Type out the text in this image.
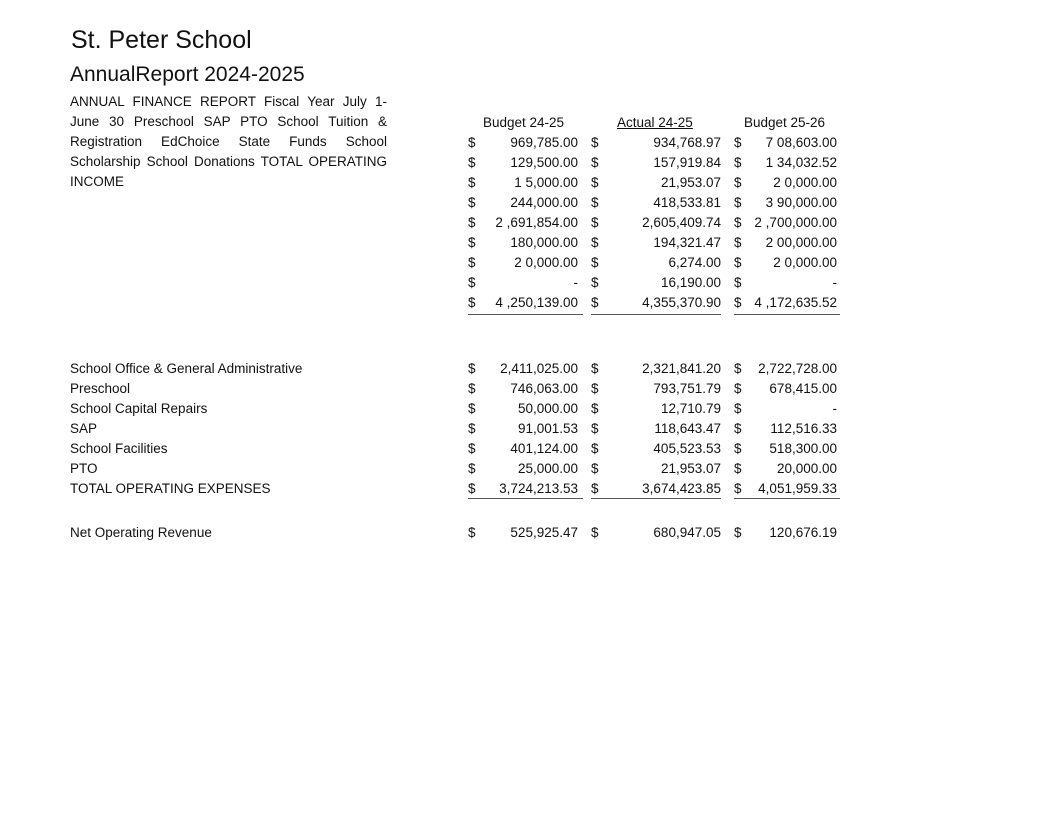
St. Peter School
AnnualReport 2024-2025
ANNUAL FINANCE REPORT Fiscal Year July 1-June 30 Preschool SAP PTO School Tuition & Registration EdChoice State Funds School Scholarship School Donations TOTAL OPERATING INCOME
Budget 24-25	Actual 24-25	Budget 25-26
$	969,785.00 $	934,768.97 $ 7 08,603.00
$	129,500.00 $	157,919.84 $ 1 34,032.52
$	1 5,000.00 $	21,953.07 $ 2 0,000.00
$	244,000.00 $	418,533.81 $ 3 90,000.00
$ 2 ,691,854.00 $	2,605,409.74 $ 2 ,700,000.00
$	180,000.00 $	194,321.47 $ 2 00,000.00
$	2 0,000.00 $	6,274.00 $ 2 0,000.00
$	- $	16,190.00 $	-
$ 4 ,250,139.00 $	4,355,370.90 $ 4 ,172,635.52
School Office & General Administrative	$ 2,411,025.00 $	2,321,841.20 $ 2,722,728.00
Preschool	$	746,063.00 $	793,751.79 $ 678,415.00
School Capital Repairs	$	50,000.00 $	12,710.79 $	-
SAP	$	91,001.53 $	118,643.47 $ 112,516.33
School Facilities	$	401,124.00 $	405,523.53 $ 518,300.00
PTO	$	25,000.00 $	21,953.07 $	20,000.00
TOTAL OPERATING EXPENSES	$ 3,724,213.53 $	3,674,423.85 $ 4,051,959.33
Net Operating Revenue	$	525,925.47 $	680,947.05 $ 120,676.19
